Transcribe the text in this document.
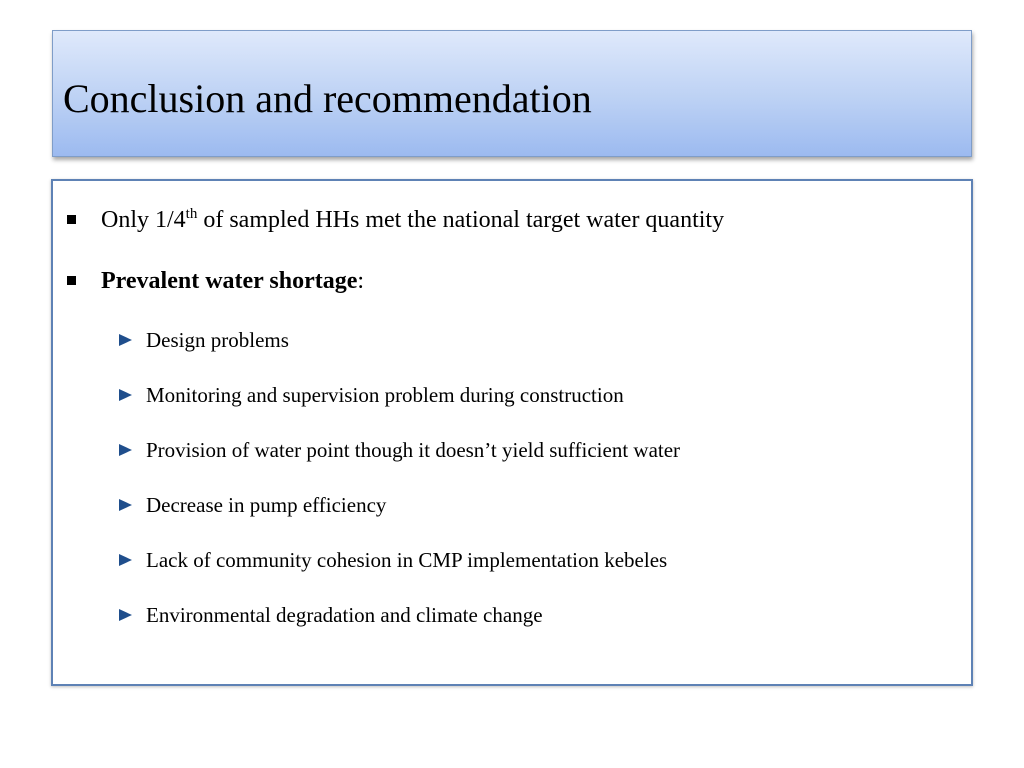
Conclusion and recommendation
Only 1/4th of sampled HHs met the national target water quantity
Prevalent water shortage:
Design problems
Monitoring and supervision problem during construction
Provision of water point though it doesn’t yield sufficient water
Decrease in pump efficiency
Lack of community cohesion in CMP implementation kebeles
Environmental degradation and climate change
